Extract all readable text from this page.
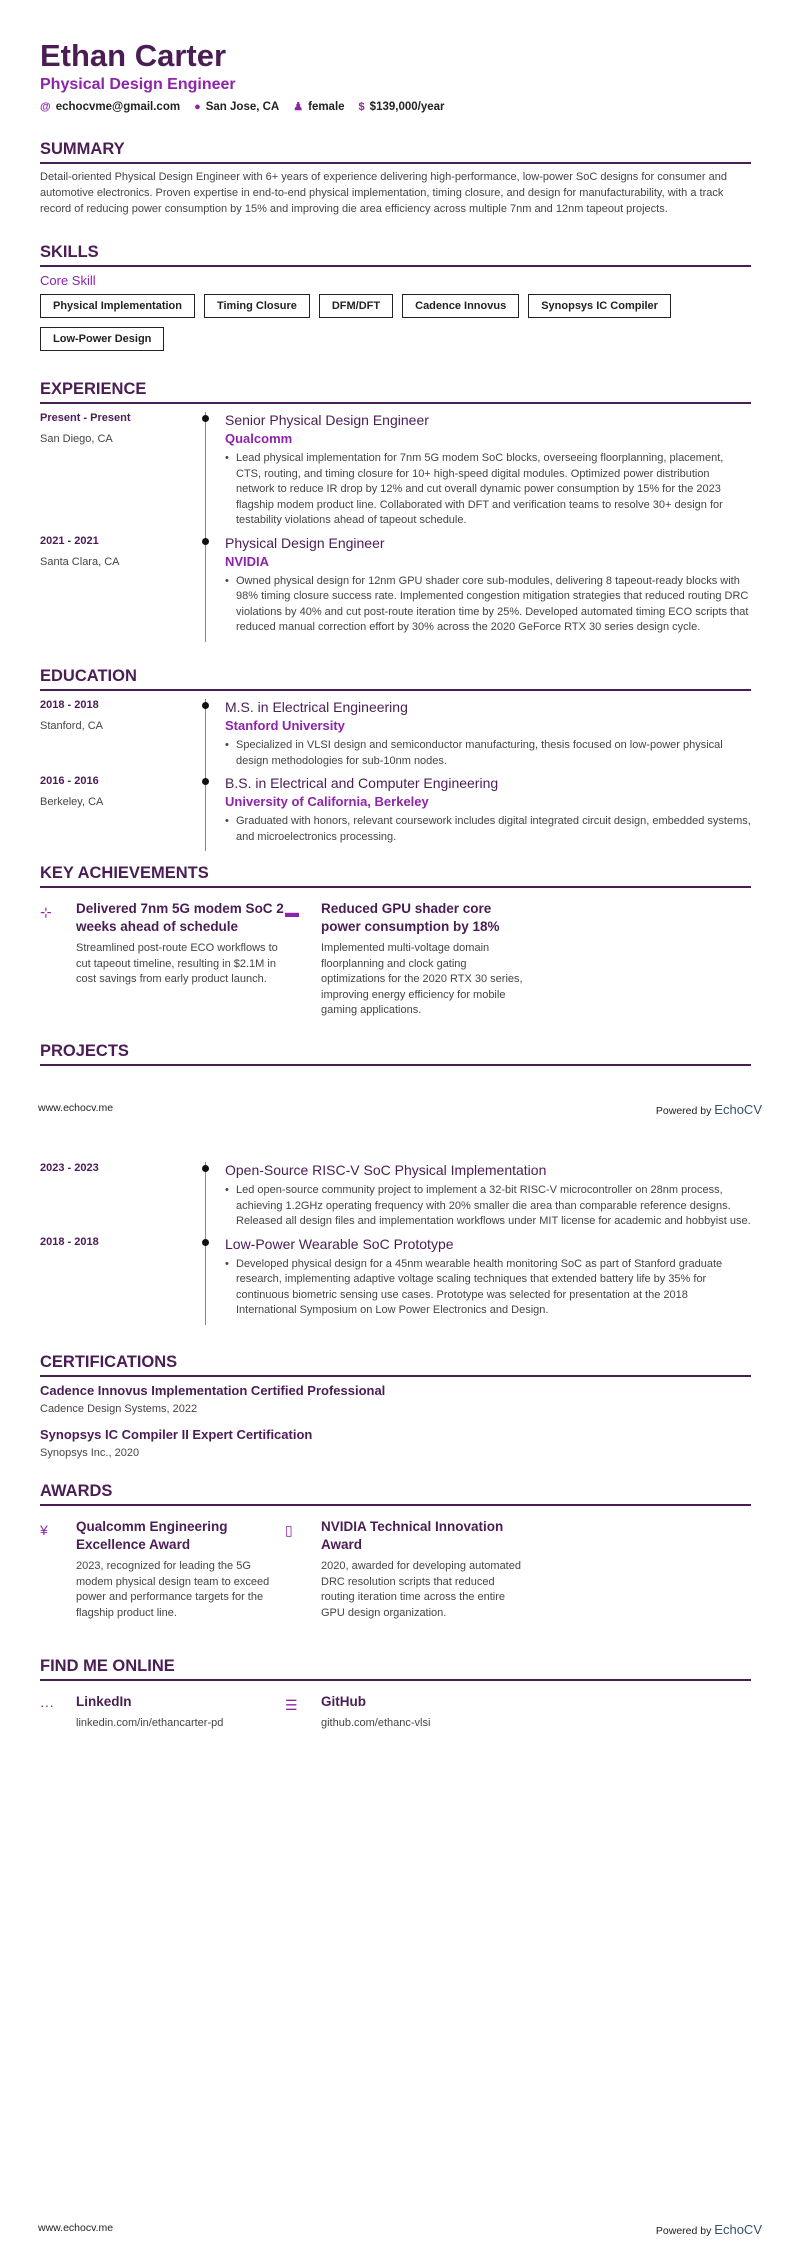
Ethan Carter
Physical Design Engineer
@ echocvme@gmail.com ● San Jose, CA ♟ female $ $139,000/year
SUMMARY
Detail-oriented Physical Design Engineer with 6+ years of experience delivering high-performance, low-power SoC designs for consumer and automotive electronics. Proven expertise in end-to-end physical implementation, timing closure, and design for manufacturability, with a track record of reducing power consumption by 15% and improving die area efficiency across multiple 7nm and 12nm tapeout projects.
SKILLS
Core Skill
Physical Implementation	Timing Closure	DFM/DFT	Cadence Innovus	Synopsys IC Compiler
Low-Power Design
EXPERIENCE
Present - Present
San Diego, CA
Senior Physical Design Engineer
Qualcomm
• Lead physical implementation for 7nm 5G modem SoC blocks, overseeing floorplanning, placement, CTS, routing, and timing closure for 10+ high-speed digital modules. Optimized power distribution network to reduce IR drop by 12% and cut overall dynamic power consumption by 15% for the 2023 flagship modem product line. Collaborated with DFT and verification teams to resolve 30+ design for testability violations ahead of tapeout schedule.
2021 - 2021
Santa Clara, CA
Physical Design Engineer
NVIDIA
• Owned physical design for 12nm GPU shader core sub-modules, delivering 8 tapeout-ready blocks with 98% timing closure success rate. Implemented congestion mitigation strategies that reduced routing DRC violations by 40% and cut post-route iteration time by 25%. Developed automated timing ECO scripts that reduced manual correction effort by 30% across the 2020 GeForce RTX 30 series design cycle.
EDUCATION
2018 - 2018
Stanford, CA
M.S. in Electrical Engineering
Stanford University
• Specialized in VLSI design and semiconductor manufacturing, thesis focused on low-power physical design methodologies for sub-10nm nodes.
2016 - 2016
Berkeley, CA
B.S. in Electrical and Computer Engineering
University of California, Berkeley
• Graduated with honors, relevant coursework includes digital integrated circuit design, embedded systems, and microelectronics processing.
KEY ACHIEVEMENTS
⊹	Delivered 7nm 5G modem SoC 2 weeks ahead of schedule
Streamlined post-route ECO workflows to cut tapeout timeline, resulting in $2.1M in cost savings from early product launch.
▬	Reduced GPU shader core power consumption by 18%
Implemented multi-voltage domain floorplanning and clock gating optimizations for the 2020 RTX 30 series, improving energy efficiency for mobile gaming applications.
PROJECTS
www.echocv.me	Powered by EchoCV
2023 - 2023	Open-Source RISC-V SoC Physical Implementation
• Led open-source community project to implement a 32-bit RISC-V microcontroller on 28nm process, achieving 1.2GHz operating frequency with 20% smaller die area than comparable reference designs. Released all design files and implementation workflows under MIT license for academic and hobbyist use.
2018 - 2018	Low-Power Wearable SoC Prototype
• Developed physical design for a 45nm wearable health monitoring SoC as part of Stanford graduate research, implementing adaptive voltage scaling techniques that extended battery life by 35% for continuous biometric sensing use cases. Prototype was selected for presentation at the 2018 International Symposium on Low Power Electronics and Design.
CERTIFICATIONS
Cadence Innovus Implementation Certified Professional
Cadence Design Systems, 2022
Synopsys IC Compiler II Expert Certification
Synopsys Inc., 2020
AWARDS
¥	Qualcomm Engineering Excellence Award
2023, recognized for leading the 5G modem physical design team to exceed power and performance targets for the flagship product line.
▯	NVIDIA Technical Innovation Award
2020, awarded for developing automated DRC resolution scripts that reduced routing iteration time across the entire GPU design organization.
FIND ME ONLINE
···	LinkedIn
linkedin.com/in/ethancarter-pd
☰	GitHub
github.com/ethanc-vlsi
www.echocv.me	Powered by EchoCV
